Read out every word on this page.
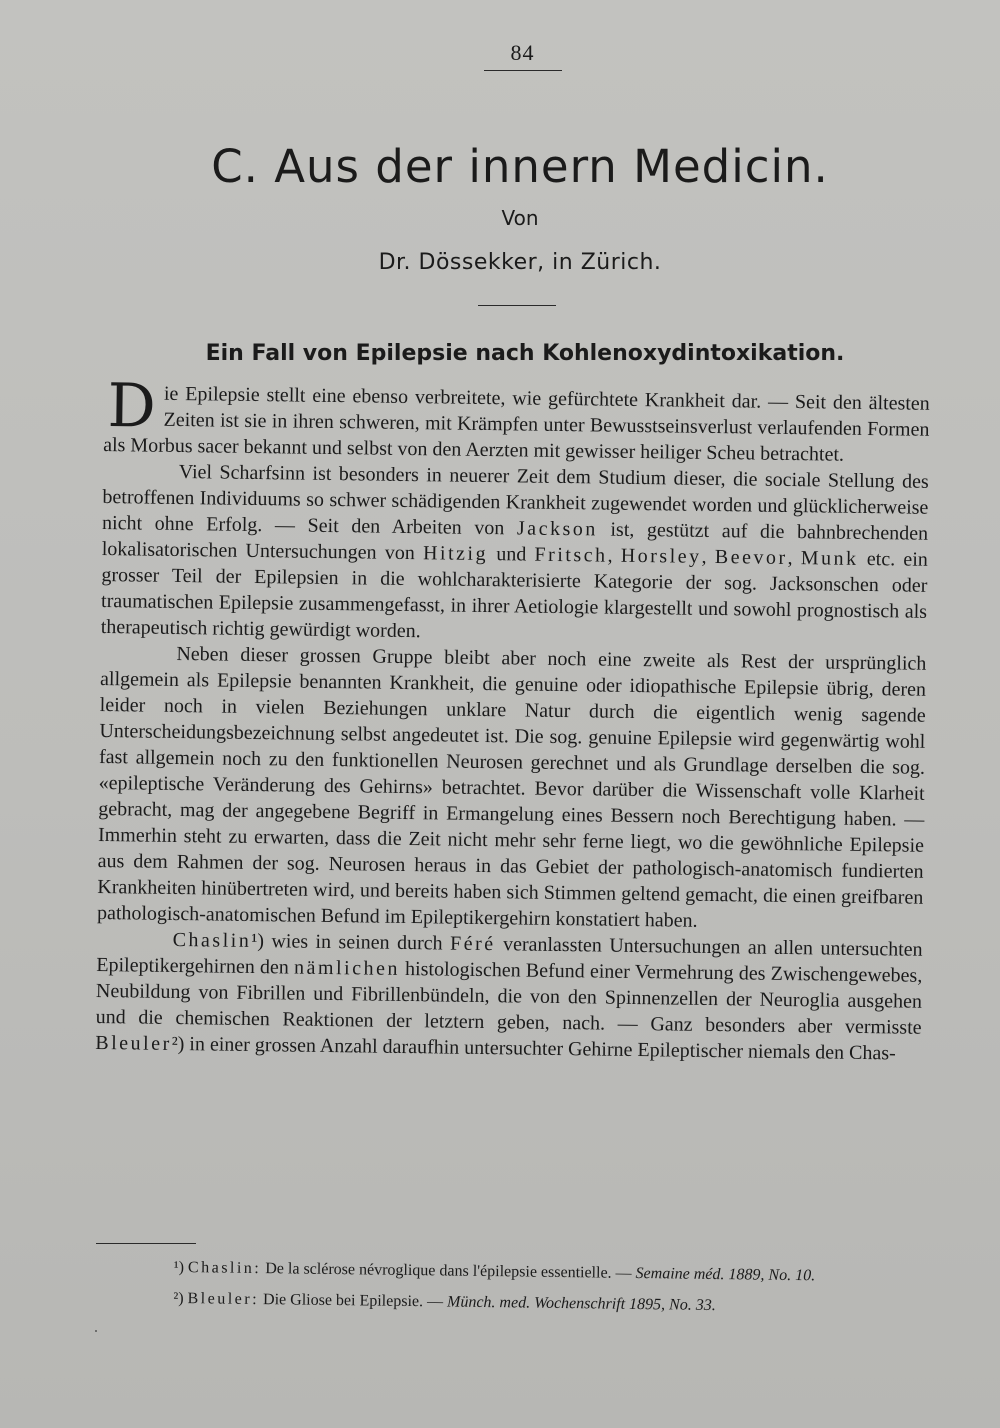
84
C. Aus der innern Medicin.
Von
Dr. Dössekker, in Zürich.
Ein Fall von Epilepsie nach Kohlenoxydintoxikation.

Die Epilepsie stellt eine ebenso verbreitete, wie gefürchtete Krankheit dar. — Seit den ältesten Zeiten ist sie in ihren schweren, mit Krämpfen unter Bewusstseinsverlust verlaufenden Formen als Morbus sacer bekannt und selbst von den Aerzten mit gewisser heiliger Scheu betrachtet.

Viel Scharfsinn ist besonders in neuerer Zeit dem Studium dieser, die sociale Stellung des betroffenen Individuums so schwer schädigenden Krankheit zugewendet worden und glücklicherweise nicht ohne Erfolg. — Seit den Arbeiten von Jackson ist, gestützt auf die bahnbrechenden lokalisatorischen Untersuchungen von Hitzig und Fritsch, Horsley, Beevor, Munk etc. ein grosser Teil der Epilepsien in die wohlcharakterisierte Kategorie der sog. Jacksonschen oder traumatischen Epilepsie zusammengefasst, in ihrer Aetiologie klargestellt und sowohl prognostisch als therapeutisch richtig gewürdigt worden.

Neben dieser grossen Gruppe bleibt aber noch eine zweite als Rest der ursprünglich allgemein als Epilepsie benannten Krankheit, die genuine oder idiopathische Epilepsie übrig, deren leider noch in vielen Beziehungen unklare Natur durch die eigentlich wenig sagende Unterscheidungsbezeichnung selbst angedeutet ist. Die sog. genuine Epilepsie wird gegenwärtig wohl fast allgemein noch zu den funktionellen Neurosen gerechnet und als Grundlage derselben die sog. «epileptische Veränderung des Gehirns» betrachtet. Bevor darüber die Wissenschaft volle Klarheit gebracht, mag der angegebene Begriff in Ermangelung eines Bessern noch Berechtigung haben. — Immerhin steht zu erwarten, dass die Zeit nicht mehr sehr ferne liegt, wo die gewöhnliche Epilepsie aus dem Rahmen der sog. Neurosen heraus in das Gebiet der pathologisch-anatomisch fundierten Krankheiten hinübertreten wird, und bereits haben sich Stimmen geltend gemacht, die einen greifbaren pathologisch-anatomischen Befund im Epileptikergehirn konstatiert haben.

Chaslin¹) wies in seinen durch Féré veranlassten Untersuchungen an allen untersuchten Epileptikergehirnen den nämlichen histologischen Befund einer Vermehrung des Zwischengewebes, Neubildung von Fibrillen und Fibrillenbündeln, die von den Spinnenzellen der Neuroglia ausgehen und die chemischen Reaktionen der letztern geben, nach. — Ganz besonders aber vermisste Bleuler²) in einer grossen Anzahl daraufhin untersuchter Gehirne Epileptischer niemals den Chas-

¹) Chaslin: De la sclérose névroglique dans l'épilepsie essentielle. — Semaine méd. 1889, No. 10.

²) Bleuler: Die Gliose bei Epilepsie. — Münch. med. Wochenschrift 1895, No. 33.
